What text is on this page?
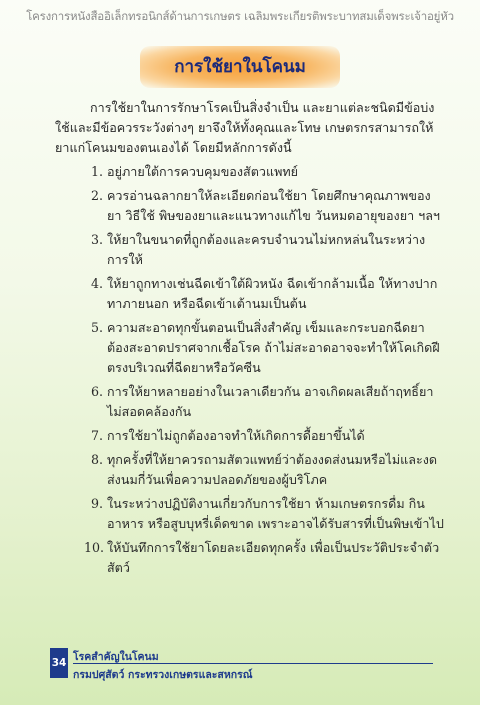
โครงการหนังสืออิเล็กทรอนิกส์ด้านการเกษตร เฉลิมพระเกียรติพระบาทสมเด็จพระเจ้าอยู่หัว
การใช้ยาในโคนม

การใช้ยาในการรักษาโรคเป็นสิ่งจำเป็น และยาแต่ละชนิดมีข้อบ่งใช้และมีข้อควรระวังต่างๆ ยาจึงให้ทั้งคุณและโทษ เกษตรกรสามารถให้ยาแก่โคนมของตนเองได้ โดยมีหลักการดังนี้

1. อยู่ภายใต้การควบคุมของสัตวแพทย์
2. ควรอ่านฉลากยาให้ละเอียดก่อนใช้ยา โดยศึกษาคุณภาพของยา วิธีใช้ พิษของยาและแนวทางแก้ไข วันหมดอายุของยา ฯลฯ
3. ให้ยาในขนาดที่ถูกต้องและครบจำนวนไม่หกหล่นในระหว่างการให้
4. ให้ยาถูกทางเช่นฉีดเข้าใต้ผิวหนัง ฉีดเข้ากล้ามเนื้อ ให้ทางปาก ทาภายนอก หรือฉีดเข้าเต้านมเป็นต้น
5. ความสะอาดทุกขั้นตอนเป็นสิ่งสำคัญ เข็มและกระบอกฉีดยาต้องสะอาดปราศจากเชื้อโรค ถ้าไม่สะอาดอาจจะทำให้โคเกิดฝีตรงบริเวณที่ฉีดยาหรือวัคซีน
6. การให้ยาหลายอย่างในเวลาเดียวกัน อาจเกิดผลเสียถ้าฤทธิ์ยาไม่สอดคล้องกัน
7. การใช้ยาไม่ถูกต้องอาจทำให้เกิดการดื้อยาขึ้นได้
8. ทุกครั้งที่ให้ยาควรถามสัตวแพทย์ว่าต้องงดส่งนมหรือไม่และงดส่งนมกี่วันเพื่อความปลอดภัยของผู้บริโภค
9. ในระหว่างปฏิบัติงานเกี่ยวกับการใช้ยา ห้ามเกษตรกรดื่ม กินอาหาร หรือสูบบุหรี่เด็ดขาด เพราะอาจได้รับสารที่เป็นพิษเข้าไป
10. ให้บันทึกการใช้ยาโดยละเอียดทุกครั้ง เพื่อเป็นประวัติประจำตัวสัตว์
34 โรคสำคัญในโคนม
กรมปศุสัตว์ กระทรวงเกษตรและสหกรณ์
